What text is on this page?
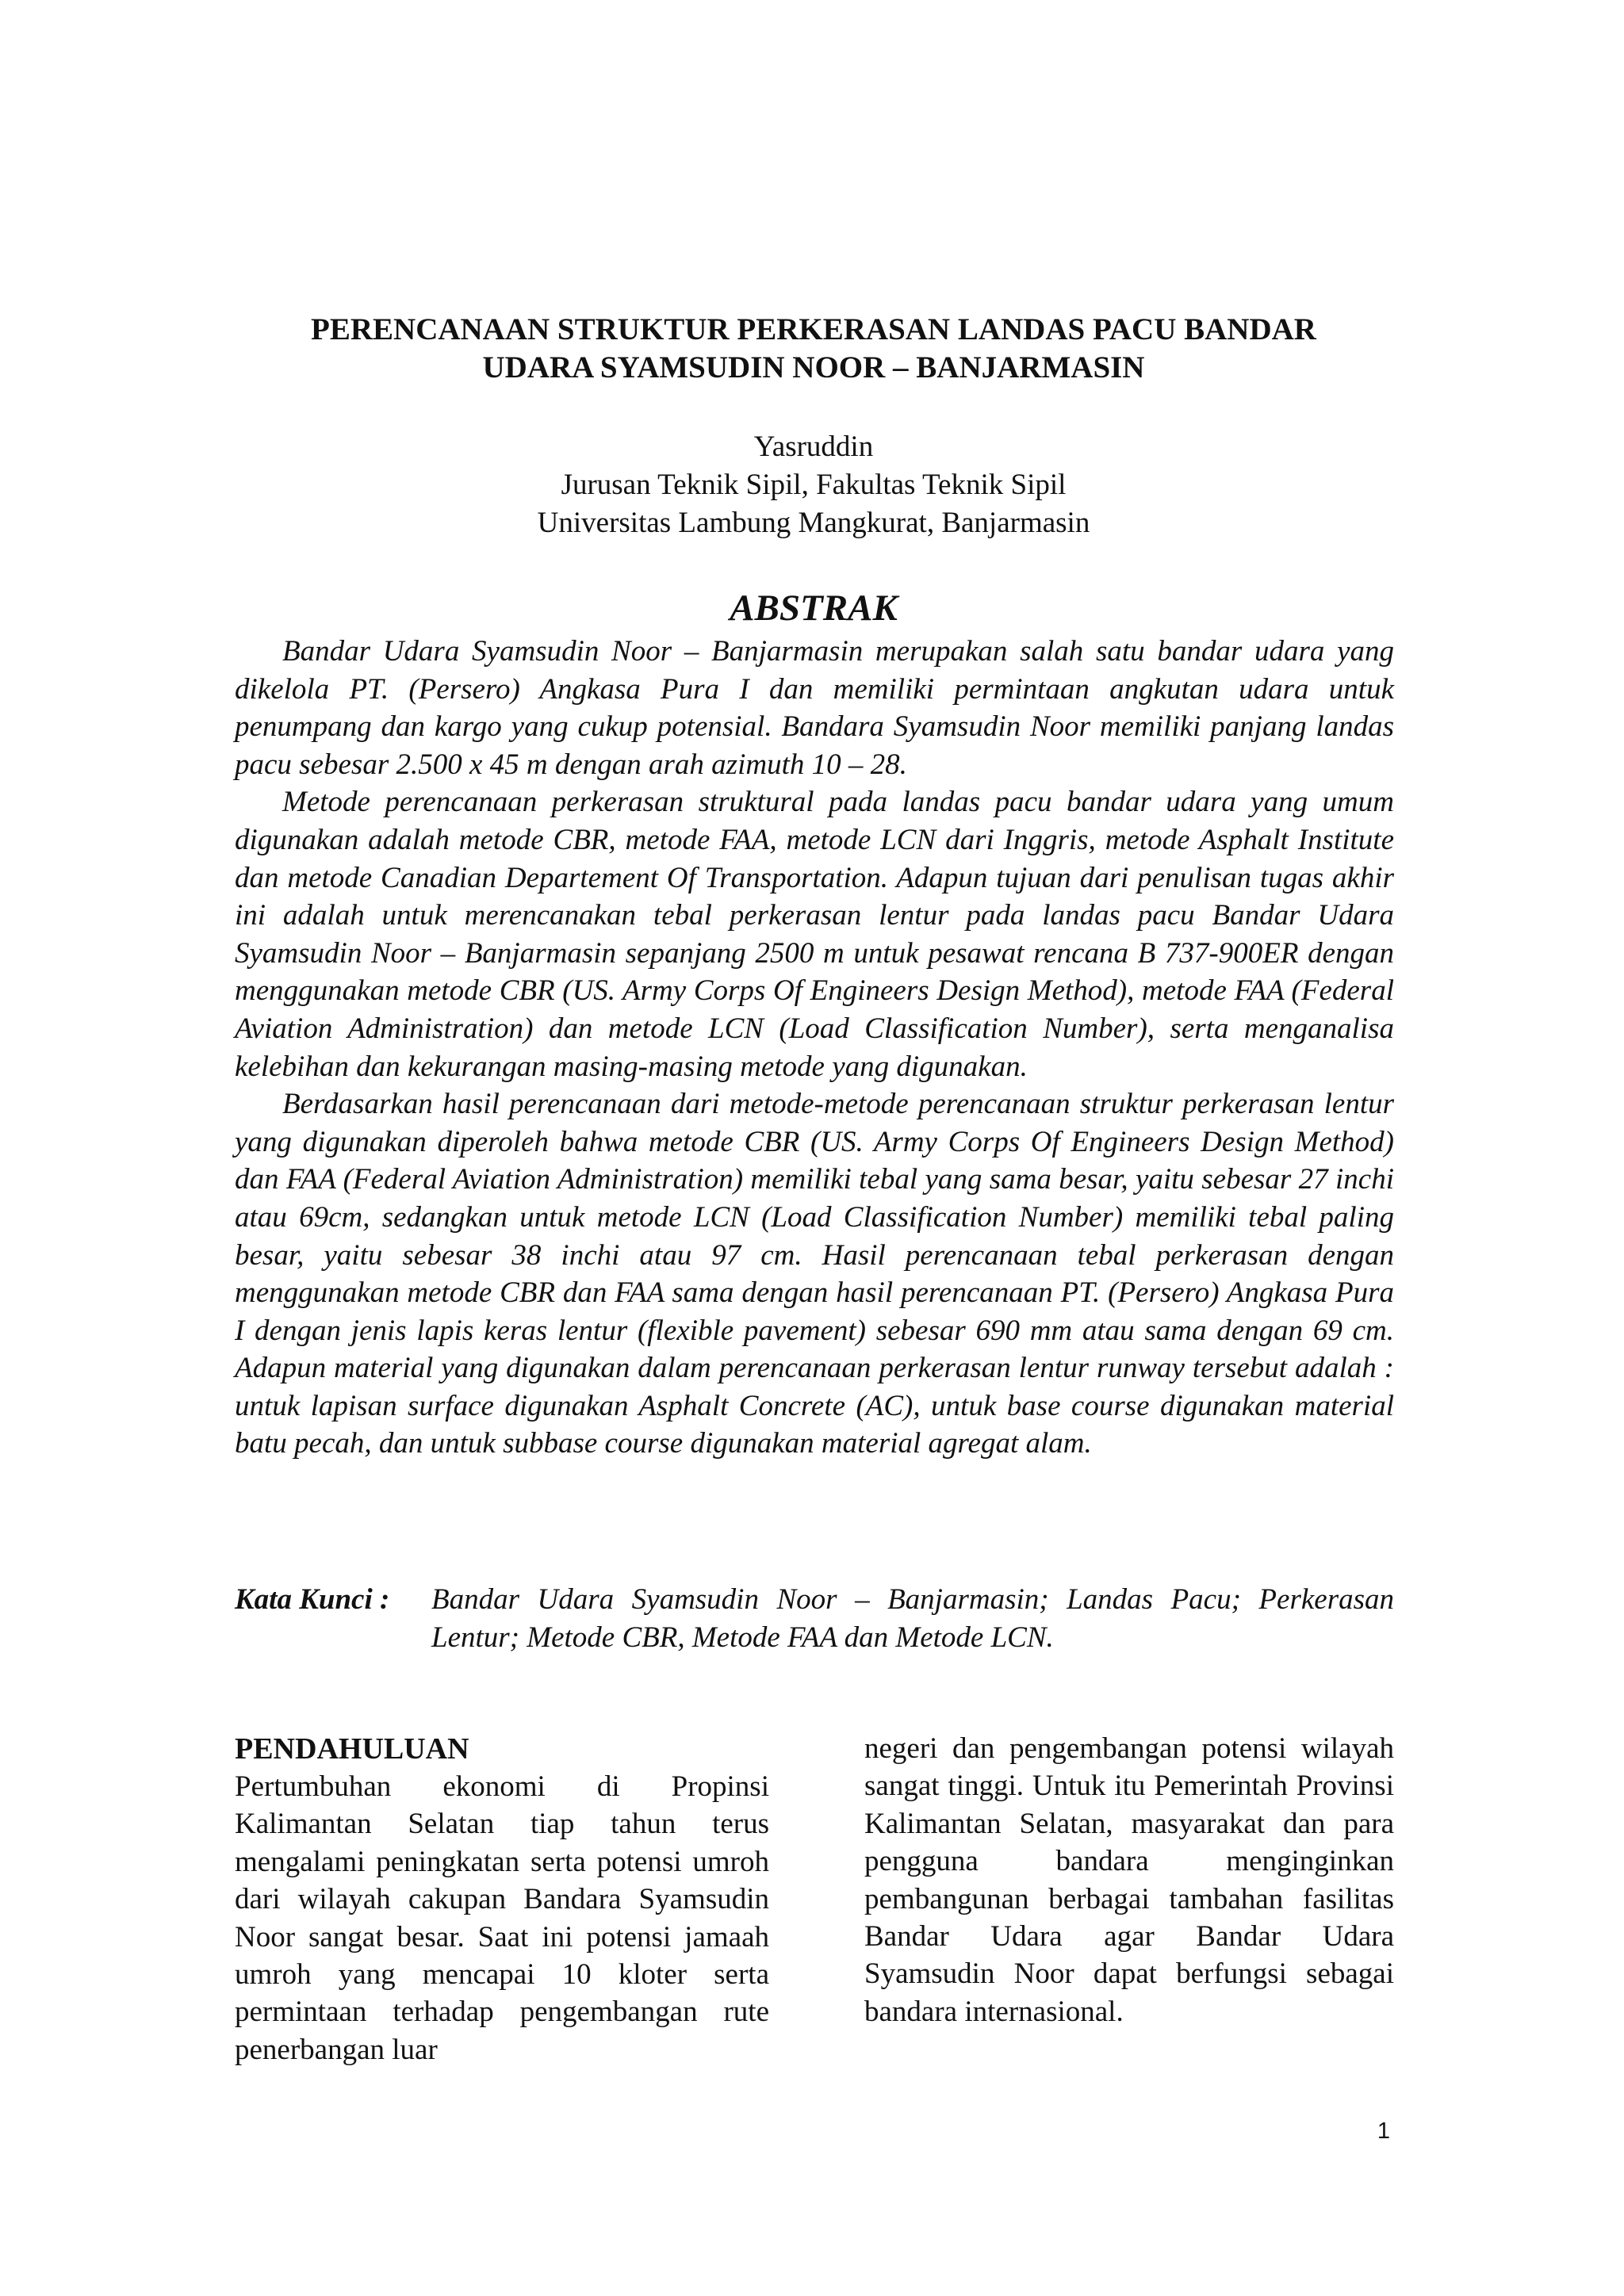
PERENCANAAN STRUKTUR PERKERASAN LANDAS PACU BANDAR
UDARA SYAMSUDIN NOOR – BANJARMASIN
Yasruddin
Jurusan Teknik Sipil, Fakultas Teknik Sipil
Universitas Lambung Mangkurat, Banjarmasin
ABSTRAK

Bandar Udara Syamsudin Noor – Banjarmasin merupakan salah satu bandar udara yang dikelola PT. (Persero) Angkasa Pura I dan memiliki permintaan angkutan udara untuk penumpang dan kargo yang cukup potensial. Bandara Syamsudin Noor memiliki panjang landas pacu sebesar 2.500 x 45 m dengan arah azimuth 10 – 28.

Metode perencanaan perkerasan struktural pada landas pacu bandar udara yang umum digunakan adalah metode CBR, metode FAA, metode LCN dari Inggris, metode Asphalt Institute dan metode Canadian Departement Of Transportation. Adapun tujuan dari penulisan tugas akhir ini adalah untuk merencanakan tebal perkerasan lentur pada landas pacu Bandar Udara Syamsudin Noor – Banjarmasin sepanjang 2500 m untuk pesawat rencana B 737-900ER dengan menggunakan metode CBR (US. Army Corps Of Engineers Design Method), metode FAA (Federal Aviation Administration) dan metode LCN (Load Classification Number), serta menganalisa kelebihan dan kekurangan masing-masing metode yang digunakan.

Berdasarkan hasil perencanaan dari metode-metode perencanaan struktur perkerasan lentur yang digunakan diperoleh bahwa metode CBR (US. Army Corps Of Engineers Design Method) dan FAA (Federal Aviation Administration) memiliki tebal yang sama besar, yaitu sebesar 27 inchi atau 69cm, sedangkan untuk metode LCN (Load Classification Number) memiliki tebal paling besar, yaitu sebesar 38 inchi atau 97 cm. Hasil perencanaan tebal perkerasan dengan menggunakan metode CBR dan FAA sama dengan hasil perencanaan PT. (Persero) Angkasa Pura I dengan jenis lapis keras lentur (flexible pavement) sebesar 690 mm atau sama dengan 69 cm. Adapun material yang digunakan dalam perencanaan perkerasan lentur runway tersebut adalah : untuk lapisan surface digunakan Asphalt Concrete (AC), untuk base course digunakan material batu pecah, dan untuk subbase course digunakan material agregat alam.

Kata Kunci :	Bandar Udara Syamsudin Noor – Banjarmasin; Landas Pacu; Perkerasan Lentur; Metode CBR, Metode FAA dan Metode LCN.
PENDAHULUAN

Pertumbuhan ekonomi di Propinsi Kalimantan Selatan tiap tahun terus mengalami peningkatan serta potensi umroh dari wilayah cakupan Bandara Syamsudin Noor sangat besar. Saat ini potensi jamaah umroh yang mencapai 10 kloter serta permintaan terhadap pengembangan rute penerbangan luar

negeri dan pengembangan potensi wilayah sangat tinggi. Untuk itu Pemerintah Provinsi Kalimantan Selatan, masyarakat dan para pengguna bandara menginginkan pembangunan berbagai tambahan fasilitas Bandar Udara agar Bandar Udara Syamsudin Noor dapat berfungsi sebagai bandara internasional.

1
